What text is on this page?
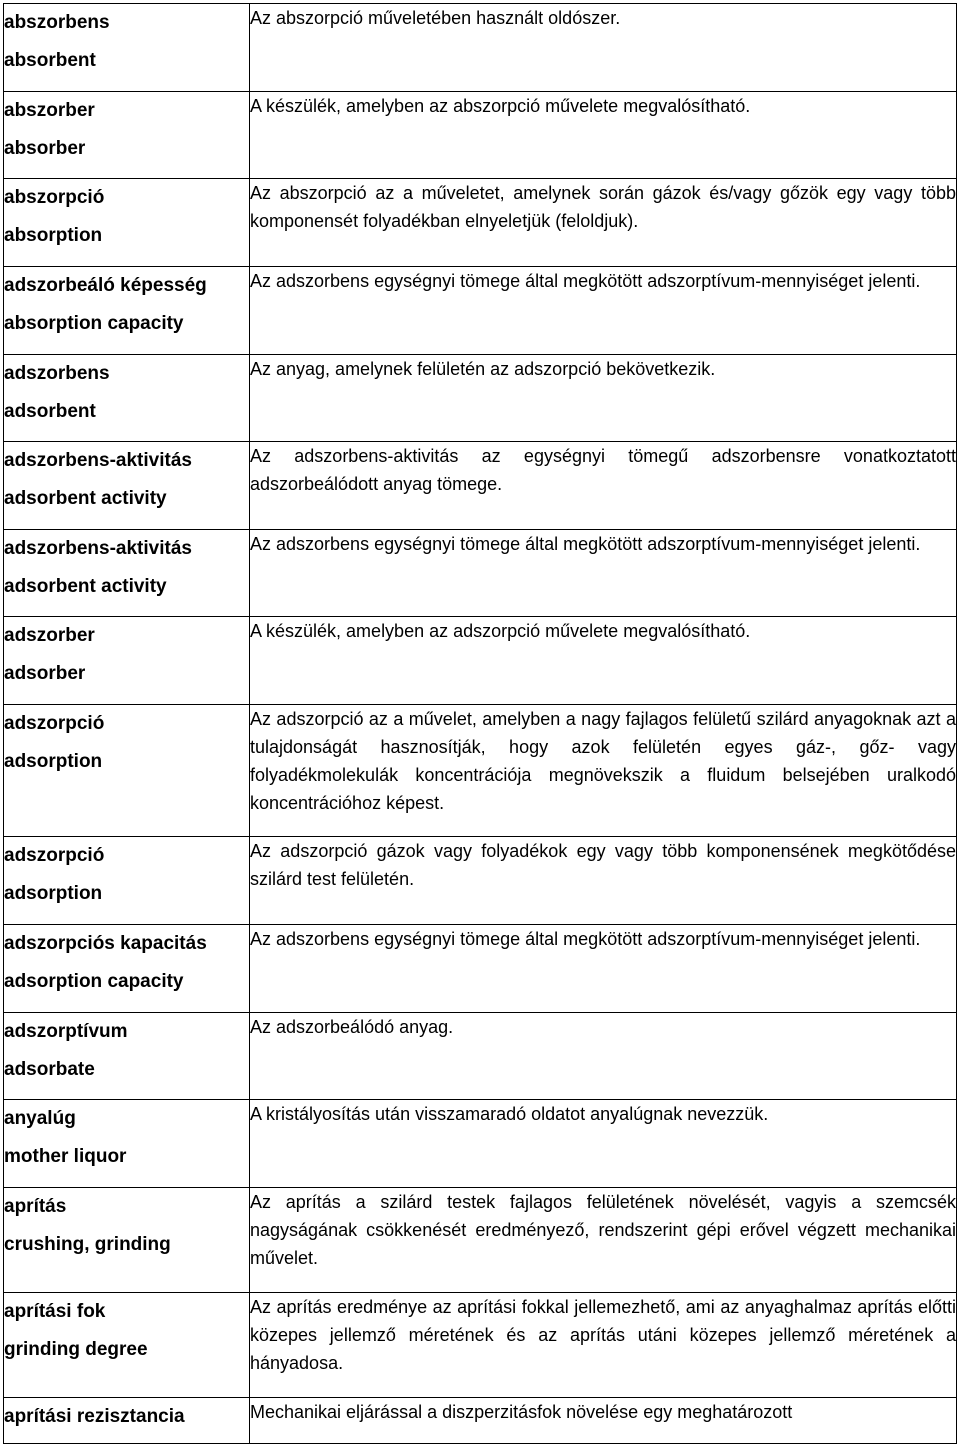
abszorbens
absorbent	Az abszorpció műveletében használt oldószer.

abszorber
absorber	A készülék, amelyben az abszorpció művelete megvalósítható.

abszorpció
absorption	Az abszorpció az a műveletet, amelynek során gázok és/vagy gőzök egy vagy több komponensét folyadékban elnyeletjük (feloldjuk).

adszorbeáló képesség
absorption capacity	Az adszorbens egységnyi tömege által megkötött adszorptívum-mennyiséget jelenti.

adszorbens
adsorbent	Az anyag, amelynek felületén az adszorpció bekövetkezik.

adszorbens-aktivitás
adsorbent activity	Az adszorbens-aktivitás az egységnyi tömegű adszorbensre vonatkoztatott adszorbeálódott anyag tömege.

adszorbens-aktivitás
adsorbent activity	Az adszorbens egységnyi tömege által megkötött adszorptívum-mennyiséget jelenti.

adszorber
adsorber	A készülék, amelyben az adszorpció művelete megvalósítható.

adszorpció
adsorption	Az adszorpció az a művelet, amelyben a nagy fajlagos felületű szilárd anyagoknak azt a tulajdonságát hasznosítják, hogy azok felületén egyes gáz-, gőz- vagy folyadékmolekulák koncentrációja megnövekszik a fluidum belsejében uralkodó koncentrációhoz képest.

adszorpció
adsorption	Az adszorpció gázok vagy folyadékok egy vagy több komponensének megkötődése szilárd test felületén.

adszorpciós kapacitás
adsorption capacity	Az adszorbens egységnyi tömege által megkötött adszorptívum-mennyiséget jelenti.

adszorptívum
adsorbate	Az adszorbeálódó anyag.

anyalúg
mother liquor	A kristályosítás után visszamaradó oldatot anyalúgnak nevezzük.

aprítás
crushing, grinding	Az aprítás a szilárd testek fajlagos felületének növelését, vagyis a szemcsék nagyságának csökkenését eredményező, rendszerint gépi erővel végzett mechanikai művelet.

aprítási fok
grinding degree	Az aprítás eredménye az aprítási fokkal jellemezhető, ami az anyaghalmaz aprítás előtti közepes jellemző méretének és az aprítás utáni közepes jellemző méretének a hányadosa.

aprítási rezisztancia	Mechanikai eljárással a diszperzitásfok növelése egy meghatározott
